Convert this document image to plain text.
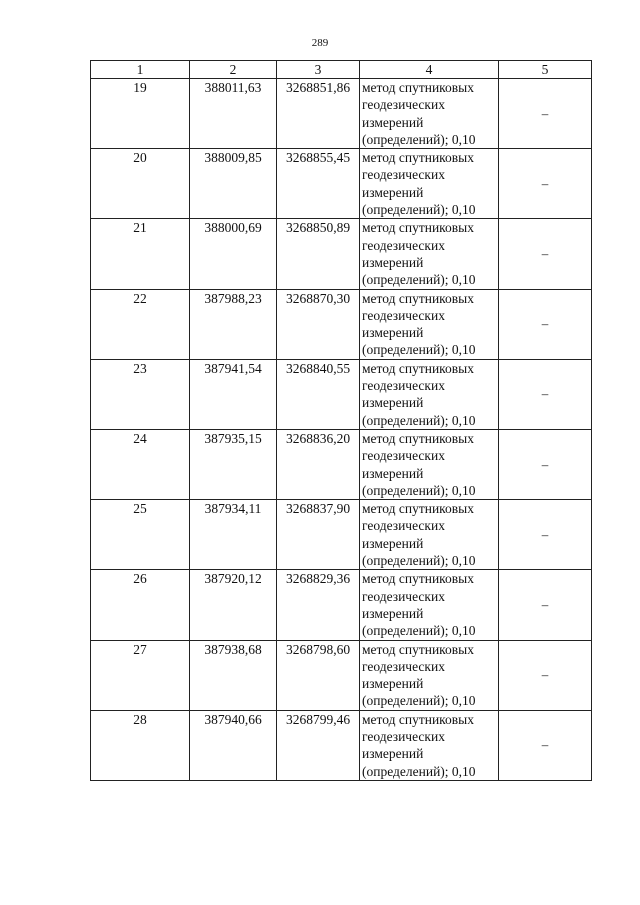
289
1	2	3	4	5
19	388011,63	3268851,86	метод спутниковых
геодезических
измерений
(определений); 0,10	–
20	388009,85	3268855,45	метод спутниковых
геодезических
измерений
(определений); 0,10	–
21	388000,69	3268850,89	метод спутниковых
геодезических
измерений
(определений); 0,10	–
22	387988,23	3268870,30	метод спутниковых
геодезических
измерений
(определений); 0,10	–
23	387941,54	3268840,55	метод спутниковых
геодезических
измерений
(определений); 0,10	–
24	387935,15	3268836,20	метод спутниковых
геодезических
измерений
(определений); 0,10	–
25	387934,11	3268837,90	метод спутниковых
геодезических
измерений
(определений); 0,10	–
26	387920,12	3268829,36	метод спутниковых
геодезических
измерений
(определений); 0,10	–
27	387938,68	3268798,60	метод спутниковых
геодезических
измерений
(определений); 0,10	–
28	387940,66	3268799,46	метод спутниковых
геодезических
измерений
(определений); 0,10	–
